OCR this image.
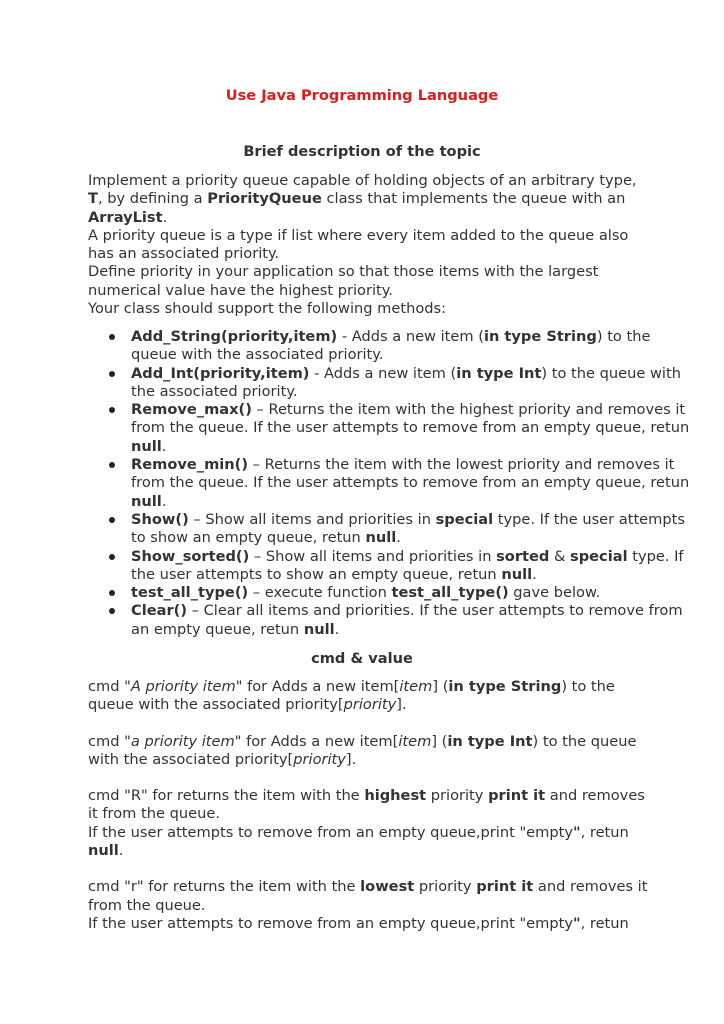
Use Java Programming Language
Brief description of the topic

Implement a priority queue capable of holding objects of an arbitrary type, T, by defining a PriorityQueue class that implements the queue with an ArrayList.

A priority queue is a type if list where every item added to the queue also has an associated priority.

Define priority in your application so that those items with the largest numerical value have the highest priority.

Your class should support the following methods:

Add_String(priority,item) - Adds a new item (in type String) to the queue with the associated priority.
Add_Int(priority,item) - Adds a new item (in type Int) to the queue with the associated priority.
Remove_max() – Returns the item with the highest priority and removes it from the queue. If the user attempts to remove from an empty queue, retun null.
Remove_min() – Returns the item with the lowest priority and removes it from the queue. If the user attempts to remove from an empty queue, retun null.
Show() – Show all items and priorities in special type. If the user attempts to show an empty queue, retun null.
Show_sorted() – Show all items and priorities in sorted & special type. If the user attempts to show an empty queue, retun null.
test_all_type() – execute function test_all_type() gave below.
Clear() – Clear all items and priorities. If the user attempts to remove from an empty queue, retun null.
cmd & value

cmd "A priority item" for Adds a new item[item] (in type String) to the queue with the associated priority[priority].

cmd "a priority item" for Adds a new item[item] (in type Int) to the queue with the associated priority[priority].

cmd "R" for returns the item with the highest priority print it and removes it from the queue.
If the user attempts to remove from an empty queue,print "empty", retun null.

cmd "r" for returns the item with the lowest priority print it and removes it from the queue.
If the user attempts to remove from an empty queue,print "empty", retun
